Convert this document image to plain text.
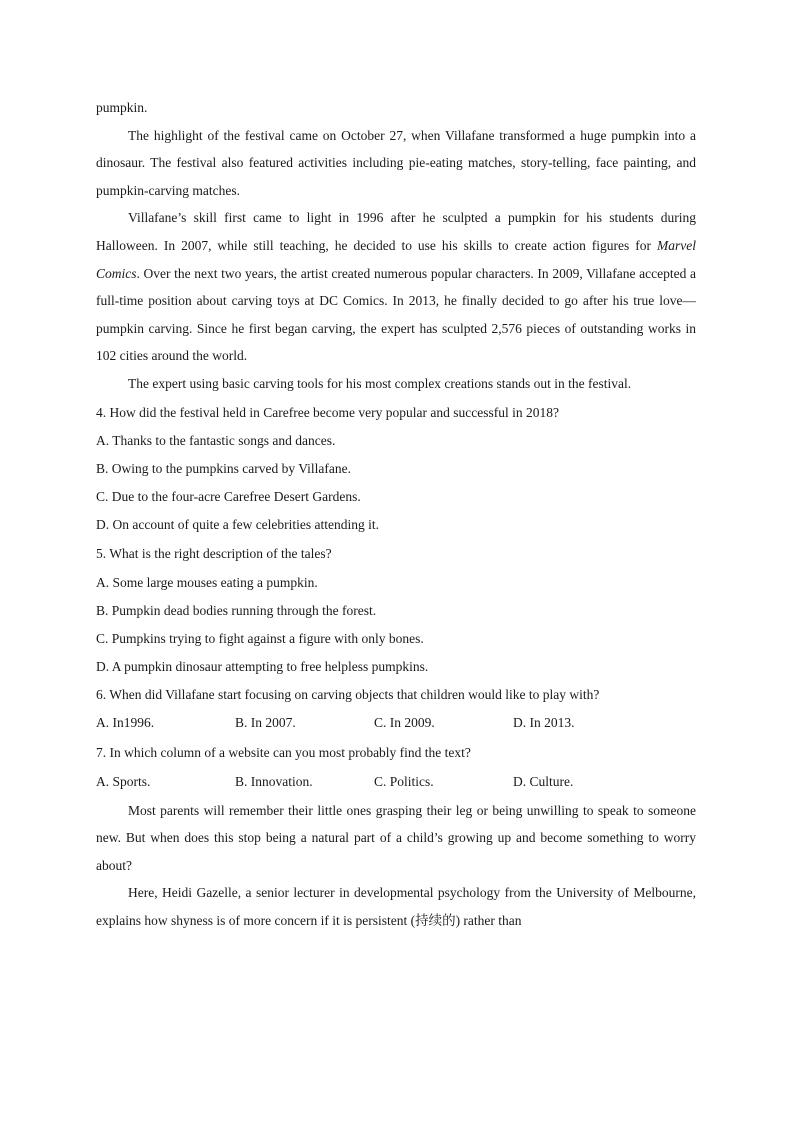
pumpkin.

The highlight of the festival came on October 27, when Villafane transformed a huge pumpkin into a dinosaur. The festival also featured activities including pie-eating matches, story-telling, face painting, and pumpkin-carving matches.

Villafane’s skill first came to light in 1996 after he sculpted a pumpkin for his students during Halloween. In 2007, while still teaching, he decided to use his skills to create action figures for Marvel Comics. Over the next two years, the artist created numerous popular characters. In 2009, Villafane accepted a full-time position about carving toys at DC Comics. In 2013, he finally decided to go after his true love—pumpkin carving. Since he first began carving, the expert has sculpted 2,576 pieces of outstanding works in 102 cities around the world.

The expert using basic carving tools for his most complex creations stands out in the festival.

4. How did the festival held in Carefree become very popular and successful in 2018?

A. Thanks to the fantastic songs and dances.

B. Owing to the pumpkins carved by Villafane.

C. Due to the four-acre Carefree Desert Gardens.

D. On account of quite a few celebrities attending it.

5. What is the right description of the tales?

A. Some large mouses eating a pumpkin.

B. Pumpkin dead bodies running through the forest.

C. Pumpkins trying to fight against a figure with only bones.

D. A pumpkin dinosaur attempting to free helpless pumpkins.

6. When did Villafane start focusing on carving objects that children would like to play with?

A. In1996.	B. In 2007.	C. In 2009.	D. In 2013.

7. In which column of a website can you most probably find the text?

A. Sports.	B. Innovation.	C. Politics.	D. Culture.

Most parents will remember their little ones grasping their leg or being unwilling to speak to someone new. But when does this stop being a natural part of a child’s growing up and become something to worry about?

Here, Heidi Gazelle, a senior lecturer in developmental psychology from the University of Melbourne, explains how shyness is of more concern if it is persistent (持续的) rather than
